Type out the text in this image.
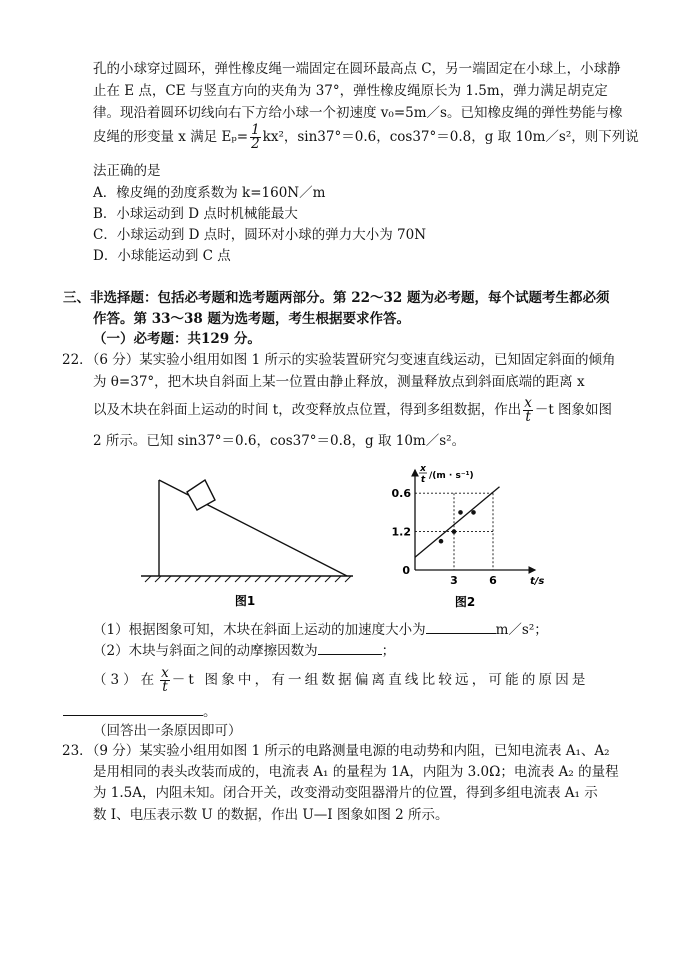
孔的小球穿过圆环，弹性橡皮绳一端固定在圆环最高点 C，另一端固定在小球上，小球静
止在 E 点，CE 与竖直方向的夹角为 37°，弹性橡皮绳原长为 1.5m，弹力满足胡克定
律。现沿着圆环切线向右下方给小球一个初速度 v₀=5m／s。已知橡皮绳的弹性势能与橡
皮绳的形变量 x 满足 $E_p= \frac{1}{2} kx^2$，sin37°＝0.6，cos37°＝0.8，g 取 10m／s²，则下列说
法正确的是
A．橡皮绳的劲度系数为 k=160N／m
B．小球运动到 D 点时机械能最大
C．小球运动到 D 点时，圆环对小球的弹力大小为 70N
D．小球能运动到 C 点
三、非选择题：包括必考题和选考题两部分。第 22～32 题为必考题，每个试题考生都必须
作答。第 33～38 题为选考题，考生根据要求作答。
（一）必考题：共129 分。
22．（6 分）某实验小组用如图 1 所示的实验装置研究匀变速直线运动，已知固定斜面的倾角
为 θ=37°，把木块自斜面上某一位置由静止释放，测量释放点到斜面底端的距离 x
以及木块在斜面上运动的时间 t，改变释放点位置，得到多组数据，作出 $\frac{x}{t} -t$ 图象如图
2 所示。已知 sin37°＝0.6，cos37°＝0.8，g 取 10m／s²。
图1
1.2
0.6
3	6
0
x
t /(m · s⁻¹)
t/s
图2
（1）根据图象可知，木块在斜面上运动的加速度大小为	m／s²；
（2）木块与斜面之间的动摩擦因数为	；
（3）在 $\frac{x}{t} -t$ 图象中，有一组数据偏离直线比较远，可能的原因是
。
（回答出一条原因即可）
23．（9 分）某实验小组用如图 1 所示的电路测量电源的电动势和内阻，已知电流表 A₁、A₂
是用相同的表头改装而成的，电流表 A₁ 的量程为 1A，内阻为 3.0Ω；电流表 A₂ 的量程
为 1.5A，内阻未知。闭合开关，改变滑动变阻器滑片的位置，得到多组电流表 A₁ 示
数 I、电压表示数 U 的数据，作出 U—I 图象如图 2 所示。
